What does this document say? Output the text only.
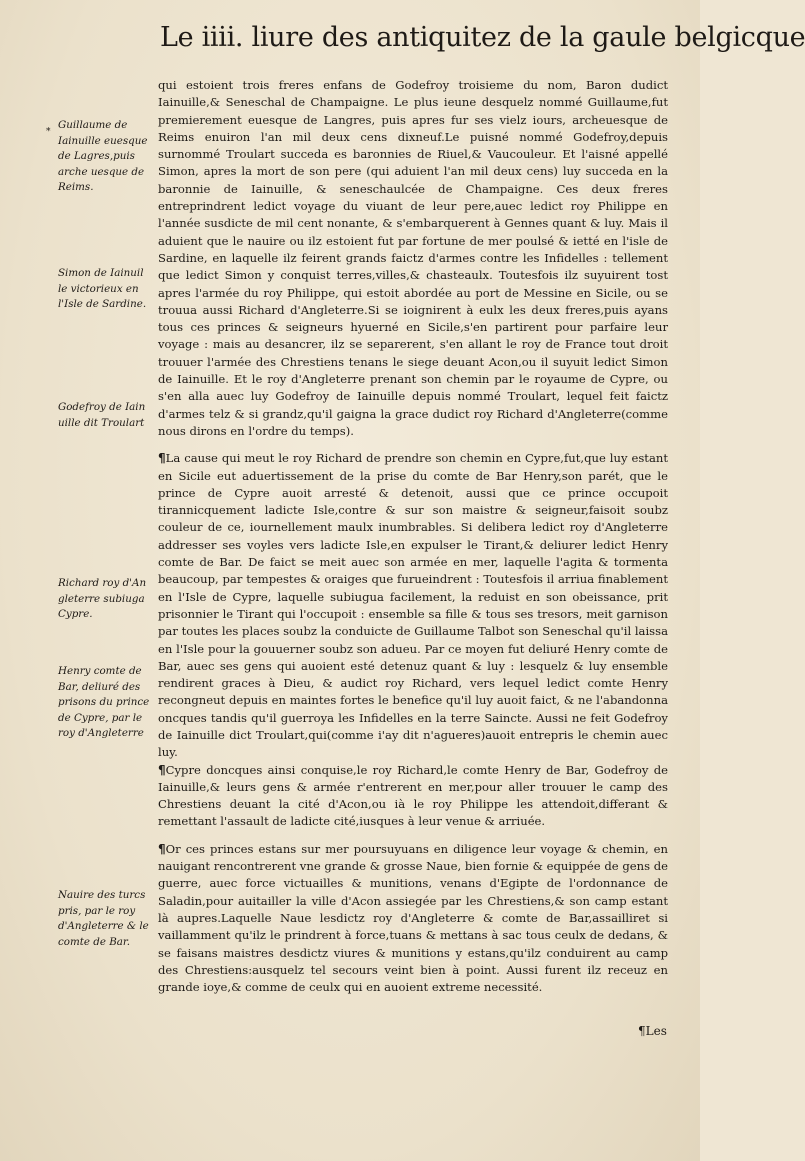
Le iiii. liure des antiquitez de la gaule belgicque
*
Guillaume de Iainuille euesque de Lagres,puis arche uesque de Reims.
Simon de Iainuil le victorieux en l'Isle de Sardine.
Godefroy de Iain uille dit Troulart
Richard roy d'An gleterre subiuga Cypre.
Henry comte de Bar, deliuré des prisons du prince de Cypre, par le roy d'Angleterre
Nauire des turcs pris, par le roy d'Angleterre & le comte de Bar.

qui estoient trois freres enfans de Godefroy troisieme du nom, Baron dudict Iainuille,& Seneschal de Champaigne. Le plus ieune desquelz nommé Guillaume,fut premierement euesque de Langres, puis apres fur ses vielz iours, archeuesque de Reims enuiron l'an mil deux cens dixneuf.Le puisné nommé Godefroy,depuis surnommé Troulart succeda es baronnies de Riuel,& Vaucouleur. Et l'aisné appellé Simon, apres la mort de son pere (qui aduient l'an mil deux cens) luy succeda en la baronnie de Iainuille, & seneschaulcée de Champaigne. Ces deux freres entreprindrent ledict voyage du viuant de leur pere,auec ledict roy Philippe en l'année susdicte de mil cent nonante, & s'embarquerent à Gennes quant & luy. Mais il aduient que le nauire ou ilz estoient fut par fortune de mer poulsé & ietté en l'isle de Sardine, en laquelle ilz feirent grands faictz d'armes contre les Infidelles : tellement que ledict Simon y conquist terres,villes,& chasteaulx. Toutesfois ilz suyuirent tost apres l'armée du roy Philippe, qui estoit abordée au port de Messine en Sicile, ou se trouua aussi Richard d'Angleterre.Si se ioignirent à eulx les deux freres,puis ayans tous ces princes & seigneurs hyuerné en Sicile,s'en partirent pour parfaire leur voyage : mais au desancrer, ilz se separerent, s'en allant le roy de France tout droit trouuer l'armée des Chrestiens tenans le siege deuant Acon,ou il suyuit ledict Simon de Iainuille. Et le roy d'Angleterre prenant son chemin par le royaume de Cypre, ou s'en alla auec luy Godefroy de Iainuille depuis nommé Troulart, lequel feit faictz d'armes telz & si grandz,qu'il gaigna la grace dudict roy Richard d'Angleterre(comme nous dirons en l'ordre du temps).

¶La cause qui meut le roy Richard de prendre son chemin en Cypre,fut,que luy estant en Sicile eut aduertissement de la prise du comte de Bar Henry,son parét, que le prince de Cypre auoit arresté & detenoit, aussi que ce prince occupoit tirannicquement ladicte Isle,contre & sur son maistre & seigneur,faisoit soubz couleur de ce, iournellement maulx inumbrables. Si delibera ledict roy d'Angleterre addresser ses voyles vers ladicte Isle,en expulser le Tirant,& deliurer ledict Henry comte de Bar. De faict se meit auec son armée en mer, laquelle l'agita & tormenta beaucoup, par tempestes & oraiges que furueindrent : Toutesfois il arriua finablement en l'Isle de Cypre, laquelle subiugua facilement, la reduist en son obeissance, prit prisonnier le Tirant qui l'occupoit : ensemble sa fille & tous ses tresors, meit garnison par toutes les places soubz la conduicte de Guillaume Talbot son Seneschal qu'il laissa en l'Isle pour la gouuerner soubz son adueu. Par ce moyen fut deliuré Henry comte de Bar, auec ses gens qui auoient esté detenuz quant & luy : lesquelz & luy ensemble rendirent graces à Dieu, & audict roy Richard, vers lequel ledict comte Henry recongneut depuis en maintes fortes le benefice qu'il luy auoit faict, & ne l'abandonna oncques tandis qu'il guerroya les Infidelles en la terre Saincte. Aussi ne feit Godefroy de Iainuille dict Troulart,qui(comme i'ay dit n'agueres)auoit entrepris le chemin auec luy.

¶Cypre doncques ainsi conquise,le roy Richard,le comte Henry de Bar, Godefroy de Iainuille,& leurs gens & armée r'entrerent en mer,pour aller trouuer le camp des Chrestiens deuant la cité d'Acon,ou ià le roy Philippe les attendoit,differant & remettant l'assault de ladicte cité,iusques à leur venue & arriuée.

¶Or ces princes estans sur mer poursuyuans en diligence leur voyage & chemin, en nauigant rencontrerent vne grande & grosse Naue, bien fornie & equippée de gens de guerre, auec force victuailles & munitions, venans d'Egipte de l'ordonnance de Saladin,pour auitailler la ville d'Acon assiegée par les Chrestiens,& son camp estant là aupres.Laquelle Naue lesdictz roy d'Angleterre & comte de Bar,assailliret si vaillamment qu'ilz le prindrent à force,tuans & mettans à sac tous ceulx de dedans, & se faisans maistres desdictz viures & munitions y estans,qu'ilz conduirent au camp des Chrestiens:ausquelz tel secours veint bien à point. Aussi furent ilz receuz en grande ioye,& comme de ceulx qui en auoient extreme necessité.

¶Les
